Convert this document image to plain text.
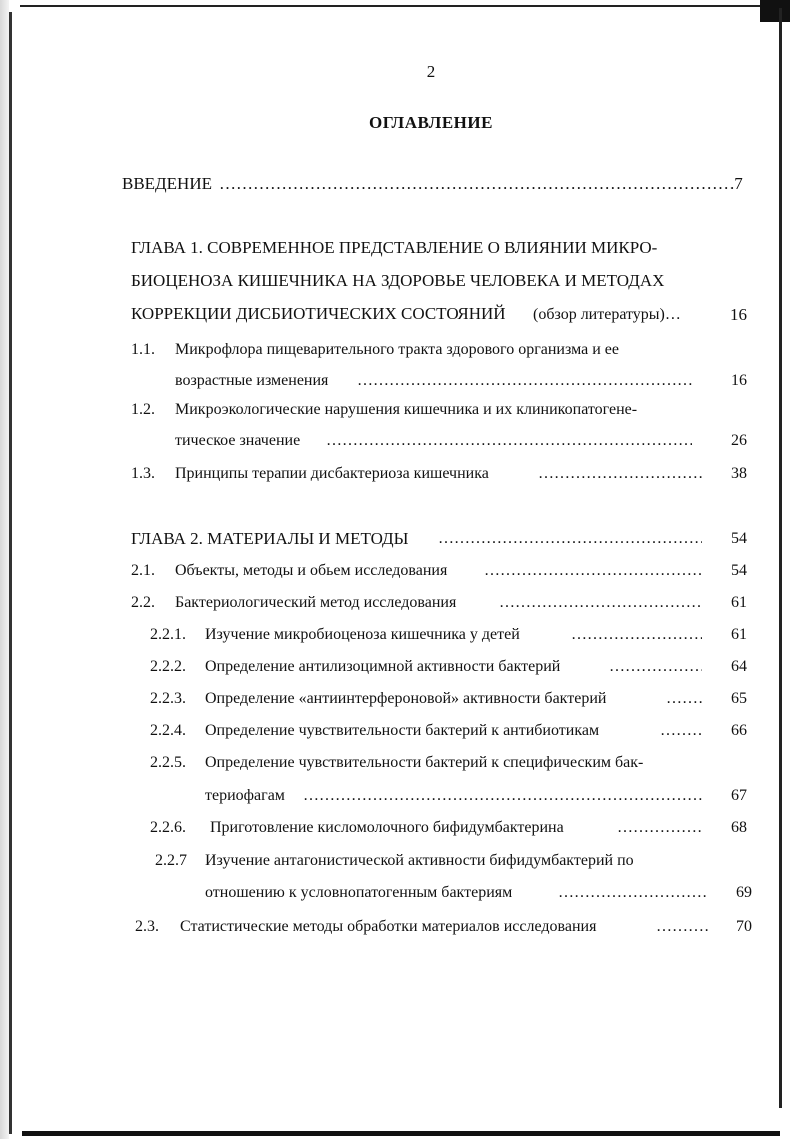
2
ОГЛАВЛЕНИЕ
ВВЕДЕНИЕ …………………………………………………………………………………………………………………………………………………	.7
ГЛАВА 1. СОВРЕМЕННОЕ ПРЕДСТАВЛЕНИЕ О ВЛИЯНИИ МИКРО-
БИОЦЕНОЗА КИШЕЧНИКА НА ЗДОРОВЬЕ ЧЕЛОВЕКА И МЕТОДАХ
КОРРЕКЦИИ ДИСБИОТИЧЕСКИХ СОСТОЯНИЙ (обзор литературы)…	16
1.1. Микрофлора пищеварительного тракта здорового организма и ее
возрастные изменения …………………………………………………………………………………………………………………………………………………	16
1.2. Микроэкологические нарушения кишечника и их клиникопатогене-
тическое значение …………………………………………………………………………………………………………………………………………………	26
1.3. Принципы терапии дисбактериоза кишечника …………………………………………………………………………………………………………………………………………………	38
ГЛАВА 2. МАТЕРИАЛЫ И МЕТОДЫ …………………………………………………………………………………………………………………………………………………	54
2.1. Объекты, методы и обьем исследования …………………………………………………………………………………………………………………………………………………	54
2.2. Бактериологический метод исследования …………………………………………………………………………………………………………………………………………………	61
2.2.1. Изучение микробиоценоза кишечника у детей …………………………………………………………………………………………………………………………………………………	61
2.2.2. Определение антилизоцимной активности бактерий …………………………………………………………………………………………………………………………………………………	64
2.2.3. Определение «антиинтерфероновой» активности бактерий …………………………………………………………………………………………………………………………………………………	65
2.2.4. Определение чувствительности бактерий к антибиотикам …………………………………………………………………………………………………………………………………………………	66
2.2.5. Определение чувствительности бактерий к специфическим бак-
териофагам …………………………………………………………………………………………………………………………………………………	67
2.2.6. Приготовление кисломолочного бифидумбактерина …………………………………………………………………………………………………………………………………………………	68
2.2.7 Изучение антагонистической активности бифидумбактерий по
отношению к условнопатогенным бактериям …………………………………………………………………………………………………………………………………………………	69
2.3. Статистические методы обработки материалов исследования …………………………………………………………………………………………………………………………………………………	70
